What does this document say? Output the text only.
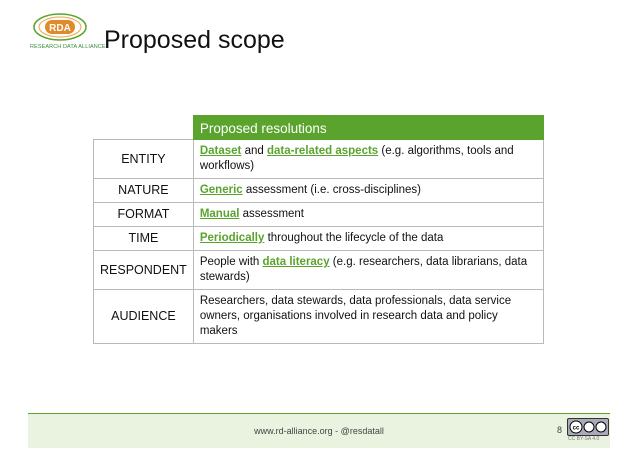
RDA
RESEARCH DATA ALLIANCE
Proposed scope
	Proposed resolutions
ENTITY	Dataset and data-related aspects (e.g. algorithms, tools and workflows)
NATURE	Generic assessment (i.e. cross-disciplines)
FORMAT	Manual assessment
TIME	Periodically throughout the lifecycle of the data
RESPONDENT	People with data literacy (e.g. researchers, data librarians, data stewards)
AUDIENCE	Researchers, data stewards, data professionals, data service owners, organisations involved in research data and policy makers
www.rd-alliance.org - @resdatall	8 cc
CC BY-SA 4.0
